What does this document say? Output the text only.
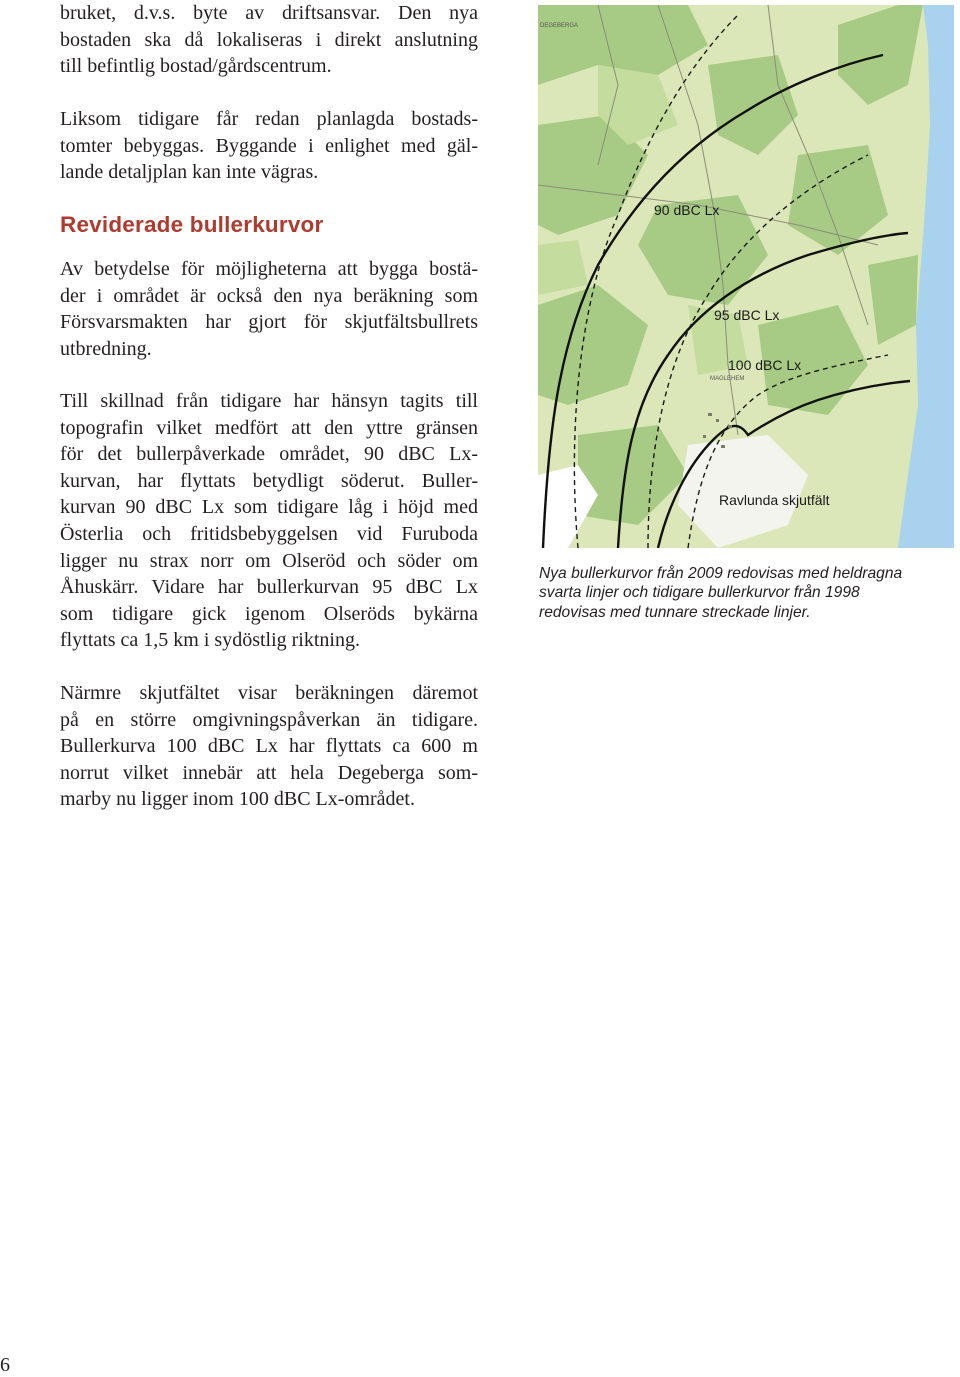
bruket, d.v.s. byte av driftsansvar. Den nya
bostaden ska då lokaliseras i direkt anslutning
till befintlig bostad/gårdscentrum.
Liksom tidigare får redan planlagda bostads-
tomter bebyggas. Byggande i enlighet med gäl-
lande detaljplan kan inte vägras.
Reviderade bullerkurvor
Av betydelse för möjligheterna att bygga bostä-
der i området är också den nya beräkning som
Försvarsmakten har gjort för skjutfältsbullrets
utbredning.
Till skillnad från tidigare har hänsyn tagits till
topografin vilket medfört att den yttre gränsen
för det bullerpåverkade området, 90 dBC Lx-
kurvan, har flyttats betydligt söderut. Buller-
kurvan 90 dBC Lx som tidigare låg i höjd med
Österlia och fritidsbebyggelsen vid Furuboda
ligger nu strax norr om Olseröd och söder om
Åhuskärr. Vidare har bullerkurvan 95 dBC Lx
som tidigare gick igenom Olseröds bykärna
flyttats ca 1,5 km i sydöstlig riktning.
Närmre skjutfältet visar beräkningen däremot
på en större omgivningspåverkan än tidigare.
Bullerkurva 100 dBC Lx har flyttats ca 600 m
norrut vilket innebär att hela Degeberga som-
marby nu ligger inom 100 dBC Lx-området.
DEGEBERGA
MAGLEHEM
90 dBC Lx
95 dBC Lx
100 dBC Lx
Ravlunda skjutfält
Nya bullerkurvor från 2009 redovisas med heldragna
svarta linjer och tidigare bullerkurvor från 1998
redovisas med tunnare streckade linjer.
6
